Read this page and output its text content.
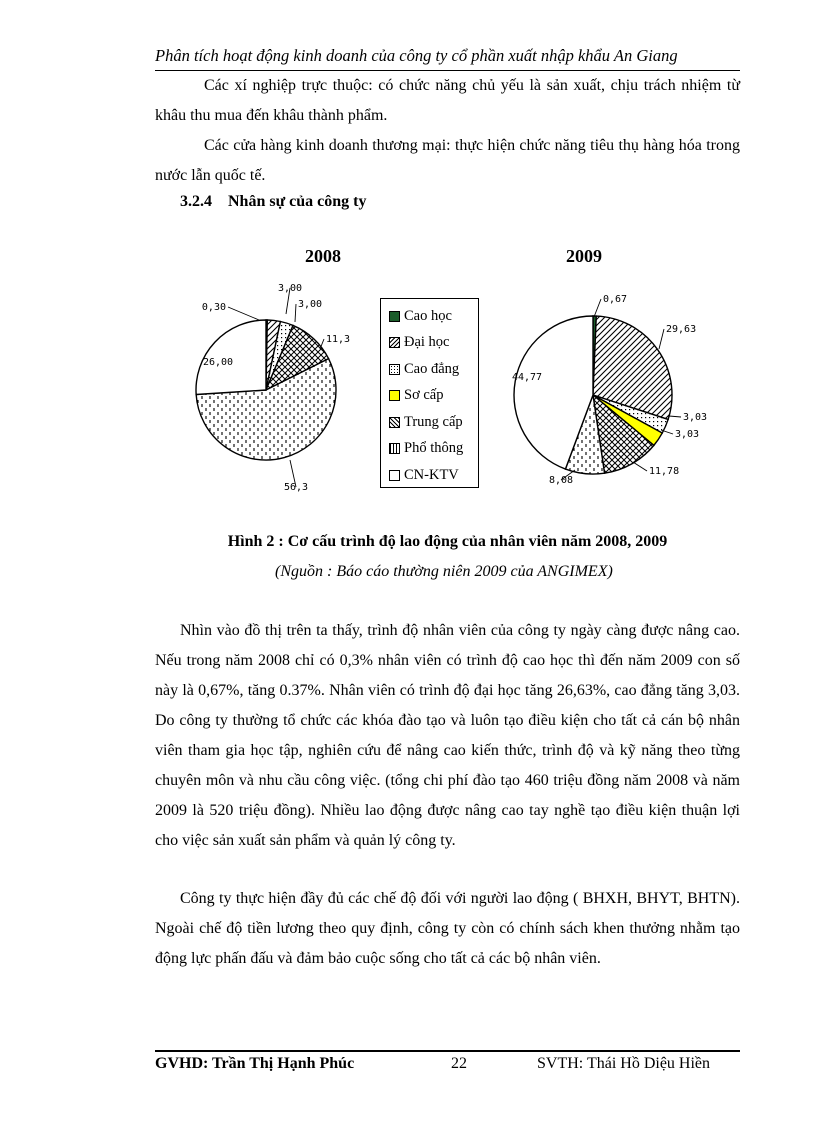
Phân tích hoạt động kinh doanh của công ty cổ phần xuất nhập khẩu An Giang

Các xí nghiệp trực thuộc: có chức năng chủ yếu là sản xuất, chịu trách nhiệm từ khâu thu mua đến khâu thành phẩm.

Các cửa hàng kinh doanh thương mại: thực hiện chức năng tiêu thụ hàng hóa trong nước lẫn quốc tế.

3.2.4 Nhân sự của công ty
2008	2009
0,30
3,00
3,00
11,3
56,3
26,00
0,67
29,63
3,03
3,03
11,78
8,08
44,77
Cao học
Đại học
Cao đẳng
Sơ cấp
Trung cấp
Phổ thông
CN-KTV
Hình 2 : Cơ cấu trình độ lao động của nhân viên năm 2008, 2009
(Nguồn : Báo cáo thường niên 2009 của ANGIMEX)

Nhìn vào đồ thị trên ta thấy, trình độ nhân viên của công ty ngày càng được nâng cao. Nếu trong năm 2008 chỉ có 0,3% nhân viên có trình độ cao học thì đến năm 2009 con số này là 0,67%, tăng 0.37%. Nhân viên có trình độ đại học tăng 26,63%, cao đẳng tăng 3,03. Do công ty thường tổ chức các khóa đào tạo và luôn tạo điều kiện cho tất cả cán bộ nhân viên tham gia học tập, nghiên cứu để nâng cao kiến thức, trình độ và kỹ năng theo từng chuyên môn và nhu cầu công việc. (tổng chi phí đào tạo 460 triệu đồng năm 2008 và năm 2009 là 520 triệu đồng). Nhiều lao động được nâng cao tay nghề tạo điều kiện thuận lợi cho việc sản xuất sản phẩm và quản lý công ty.

Công ty thực hiện đầy đủ các chế độ đối với người lao động ( BHXH, BHYT, BHTN). Ngoài chế độ tiền lương theo quy định, công ty còn có chính sách khen thưởng nhằm tạo động lực phấn đấu và đảm bảo cuộc sống cho tất cả các bộ nhân viên.

GVHD: Trần Thị Hạnh Phúc	22	SVTH: Thái Hồ Diệu Hiền
